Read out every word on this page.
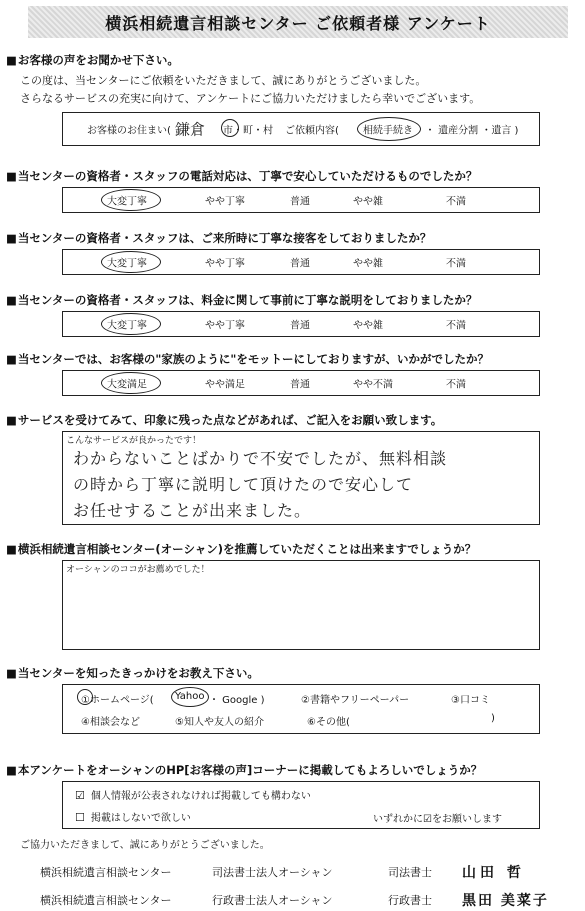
横浜相続遺言相談センター ご依頼者様 アンケート
■ お客様の声をお聞かせ下さい。
この度は、当センターにご依頼をいただきまして、誠にありがとうございました。
さらなるサービスの充実に向けて、アンケートにご協力いただけましたら幸いでございます。
お客様のお住まい( 鎌倉 市・町・村 ご依頼内容( 相続手続き ・ 遺産分割 ・遺言 )
■ 当センターの資格者・スタッフの電話対応は、丁寧で安心していただけるものでしたか？
大変丁寧	やや丁寧	普通	やや雑	不満
■ 当センターの資格者・スタッフは、ご来所時に丁寧な接客をしておりましたか？
大変丁寧	やや丁寧	普通	やや雑	不満
■ 当センターの資格者・スタッフは、料金に関して事前に丁寧な説明をしておりましたか？
大変丁寧	やや丁寧	普通	やや雑	不満
■ 当センターでは、お客様の"家族のように"をモットーにしておりますが、いかがでしたか？
大変満足	やや満足	普通	やや不満	不満
■ サービスを受けてみて、印象に残った点などがあれば、ご記入をお願い致します。
こんなサービスが良かったです！
わからないことばかりで不安でしたが、無料相談
の時から丁寧に説明して頂けたので安心して
お任せすることが出来ました。
■ 横浜相続遺言相談センター(オーシャン)を推薦していただくことは出来ますでしょうか？
オーシャンのココがお薦めでした！
■ 当センターを知ったきっかけをお教え下さい。
①ホームページ( Yahoo ・ Google )	②書籍やフリーペーパー	③口コミ
④相談会など	⑤知人や友人の紹介	⑥その他(	)
■ 本アンケートをオーシャンのHP[お客様の声]コーナーに掲載してもよろしいでしょうか？
☑ 個人情報が公表されなければ掲載しても構わない
☐ 掲載はしないで欲しい	いずれかに☑をお願いします
ご協力いただきまして、誠にありがとうございました。
横浜相続遺言相談センター	司法書士法人オーシャン	司法書士 山田 哲
横浜相続遺言相談センター	行政書士法人オーシャン	行政書士 黒田 美菜子
